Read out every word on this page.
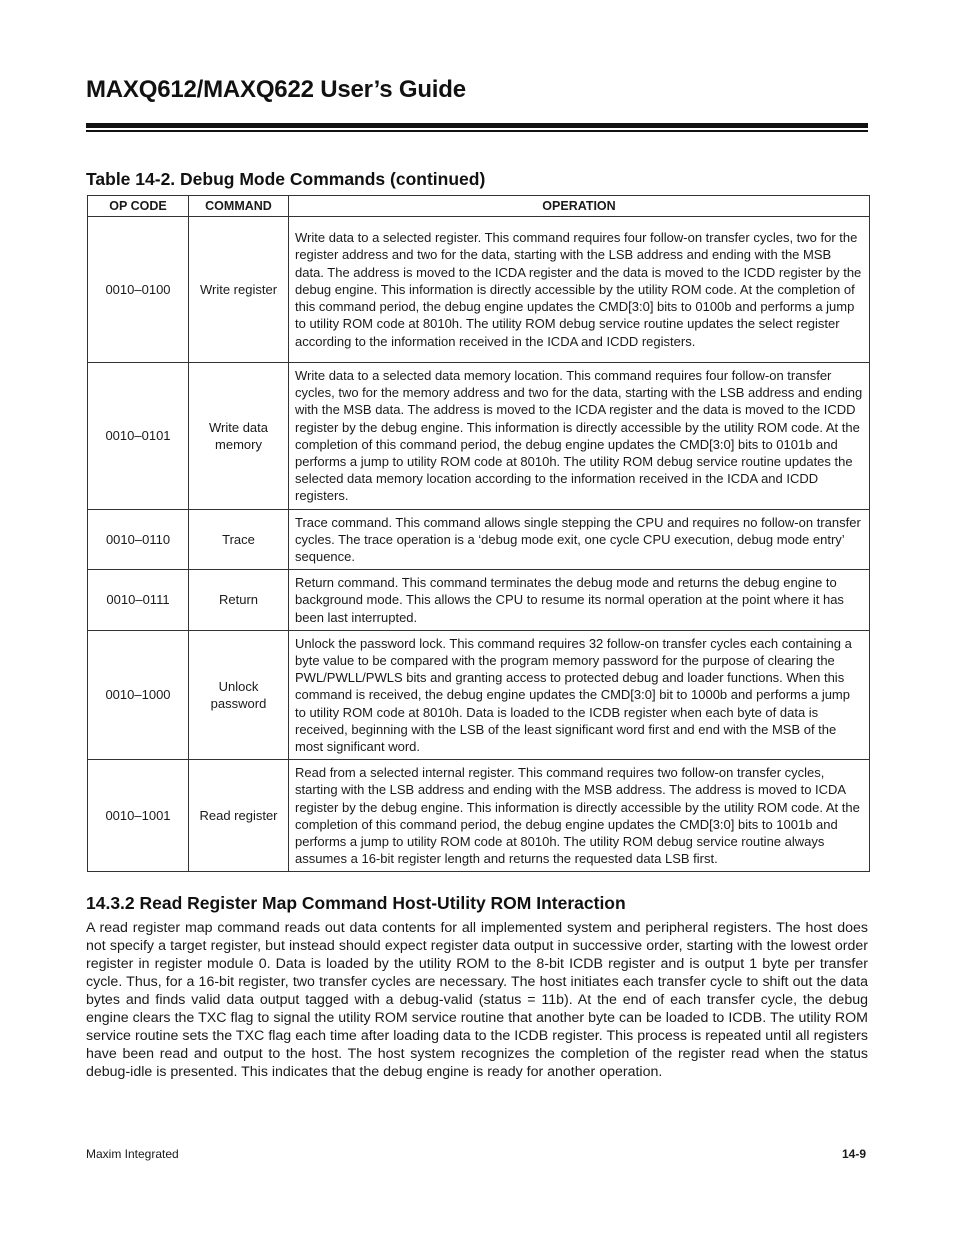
MAXQ612/MAXQ622 User’s Guide
Table 14-2. Debug Mode Commands (continued)
OP CODE	COMMAND	OPERATION
0010–0100	Write register	Write data to a selected register. This command requires four follow-on transfer cycles, two for the register address and two for the data, starting with the LSB address and ending with the MSB data. The address is moved to the ICDA register and the data is moved to the ICDD register by the debug engine. This information is directly accessible by the utility ROM code. At the completion of this command period, the debug engine updates the CMD[3:0] bits to 0100b and performs a jump to utility ROM code at 8010h. The utility ROM debug service routine updates the select register according to the information received in the ICDA and ICDD registers.
0010–0101	Write data memory	Write data to a selected data memory location. This command requires four follow-on transfer cycles, two for the memory address and two for the data, starting with the LSB address and ending with the MSB data. The address is moved to the ICDA register and the data is moved to the ICDD register by the debug engine. This information is directly accessible by the utility ROM code. At the completion of this command period, the debug engine updates the CMD[3:0] bits to 0101b and performs a jump to utility ROM code at 8010h. The utility ROM debug service routine updates the selected data memory location according to the information received in the ICDA and ICDD registers.
0010–0110	Trace	Trace command. This command allows single stepping the CPU and requires no follow-on transfer cycles. The trace operation is a ‘debug mode exit, one cycle CPU execution, debug mode entry’ sequence.
0010–0111	Return	Return command. This command terminates the debug mode and returns the debug engine to background mode. This allows the CPU to resume its normal operation at the point where it has been last interrupted.
0010–1000	Unlock password	Unlock the password lock. This command requires 32 follow-on transfer cycles each containing a byte value to be compared with the program memory password for the purpose of clearing the PWL/PWLL/PWLS bits and granting access to protected debug and loader functions. When this command is received, the debug engine updates the CMD[3:0] bit to 1000b and performs a jump to utility ROM code at 8010h. Data is loaded to the ICDB register when each byte of data is received, beginning with the LSB of the least significant word first and end with the MSB of the most significant word.
0010–1001	Read register	Read from a selected internal register. This command requires two follow-on transfer cycles, starting with the LSB address and ending with the MSB address. The address is moved to ICDA register by the debug engine. This information is directly accessible by the utility ROM code. At the completion of this command period, the debug engine updates the CMD[3:0] bits to 1001b and performs a jump to utility ROM code at 8010h. The utility ROM debug service routine always assumes a 16-bit register length and returns the requested data LSB first.
14.3.2 Read Register Map Command Host-Utility ROM Interaction

A read register map command reads out data contents for all implemented system and peripheral registers. The host does not specify a target register, but instead should expect register data output in successive order, starting with the lowest order register in register module 0. Data is loaded by the utility ROM to the 8-bit ICDB register and is output 1 byte per transfer cycle. Thus, for a 16-bit register, two transfer cycles are necessary. The host initiates each transfer cycle to shift out the data bytes and finds valid data output tagged with a debug-valid (status = 11b). At the end of each transfer cycle, the debug engine clears the TXC flag to signal the utility ROM service routine that another byte can be loaded to ICDB. The utility ROM service routine sets the TXC flag each time after loading data to the ICDB register. This process is repeated until all registers have been read and output to the host. The host system recognizes the completion of the register read when the status debug-idle is presented. This indicates that the debug engine is ready for another operation.

Maxim Integrated	14-9
